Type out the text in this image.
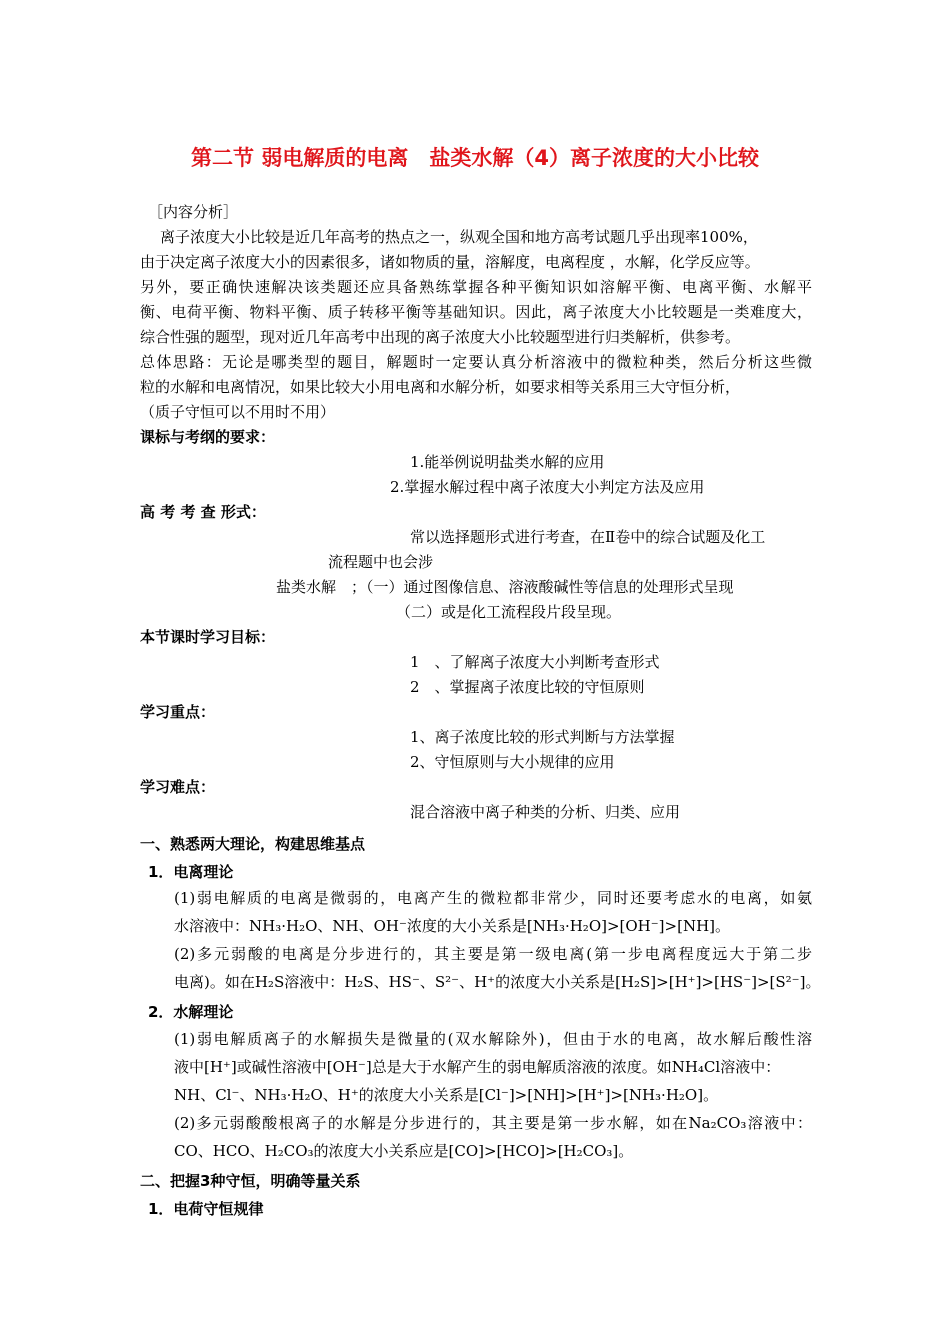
第二节 弱电解质的电离　盐类水解（4）离子浓度的大小比较
［内容分析］
离子浓度大小比较是近几年高考的热点之一，纵观全国和地方高考试题几乎出现率100%，
由于决定离子浓度大小的因素很多，诸如物质的量，溶解度，电离程度 ，水解，化学反应等。
另外，要正确快速解决该类题还应具备熟练掌握各种平衡知识如溶解平衡、电离平衡、水解平
衡、电荷平衡、物料平衡、质子转移平衡等基础知识。因此，离子浓度大小比较题是一类难度大，
综合性强的题型，现对近几年高考中出现的离子浓度大小比较题型进行归类解析，供参考。
总体思路：无论是哪类型的题目，解题时一定要认真分析溶液中的微粒种类，然后分析这些微
粒的水解和电离情况，如果比较大小用电离和水解分析，如要求相等关系用三大守恒分析，
（质子守恒可以不用时不用）
课标与考纲的要求：
1.能举例说明盐类水解的应用
2.掌握水解过程中离子浓度大小判定方法及应用
高 考 考 查 形式：
常以选择题形式进行考查，在Ⅱ卷中的综合试题及化工
流程题中也会涉
盐类水解　；（一）通过图像信息、溶液酸碱性等信息的处理形式呈现
（二）或是化工流程段片段呈现。
本节课时学习目标：
1　、了解离子浓度大小判断考查形式
2　、掌握离子浓度比较的守恒原则
学习重点：
1、离子浓度比较的形式判断与方法掌握
2、守恒原则与大小规律的应用
学习难点：
混合溶液中离子种类的分析、归类、应用
一、熟悉两大理论，构建思维基点
1．电离理论
(1)弱电解质的电离是微弱的，电离产生的微粒都非常少，同时还要考虑水的电离，如氨
水溶液中：NH₃·H₂O、NH、OH⁻浓度的大小关系是[NH₃·H₂O]>[OH⁻]>[NH]。
(2)多元弱酸的电离是分步进行的，其主要是第一级电离(第一步电离程度远大于第二步
电离)。如在H₂S溶液中：H₂S、HS⁻、S²⁻、H⁺的浓度大小关系是[H₂S]>[H⁺]>[HS⁻]>[S²⁻]。
2．水解理论
(1)弱电解质离子的水解损失是微量的(双水解除外)，但由于水的电离，故水解后酸性溶
液中[H⁺]或碱性溶液中[OH⁻]总是大于水解产生的弱电解质溶液的浓度。如NH₄Cl溶液中：
NH、Cl⁻、NH₃·H₂O、H⁺的浓度大小关系是[Cl⁻]>[NH]>[H⁺]>[NH₃·H₂O]。
(2)多元弱酸酸根离子的水解是分步进行的，其主要是第一步水解，如在Na₂CO₃溶液中：
CO、HCO、H₂CO₃的浓度大小关系应是[CO]>[HCO]>[H₂CO₃]。
二、把握3种守恒，明确等量关系
1．电荷守恒规律
